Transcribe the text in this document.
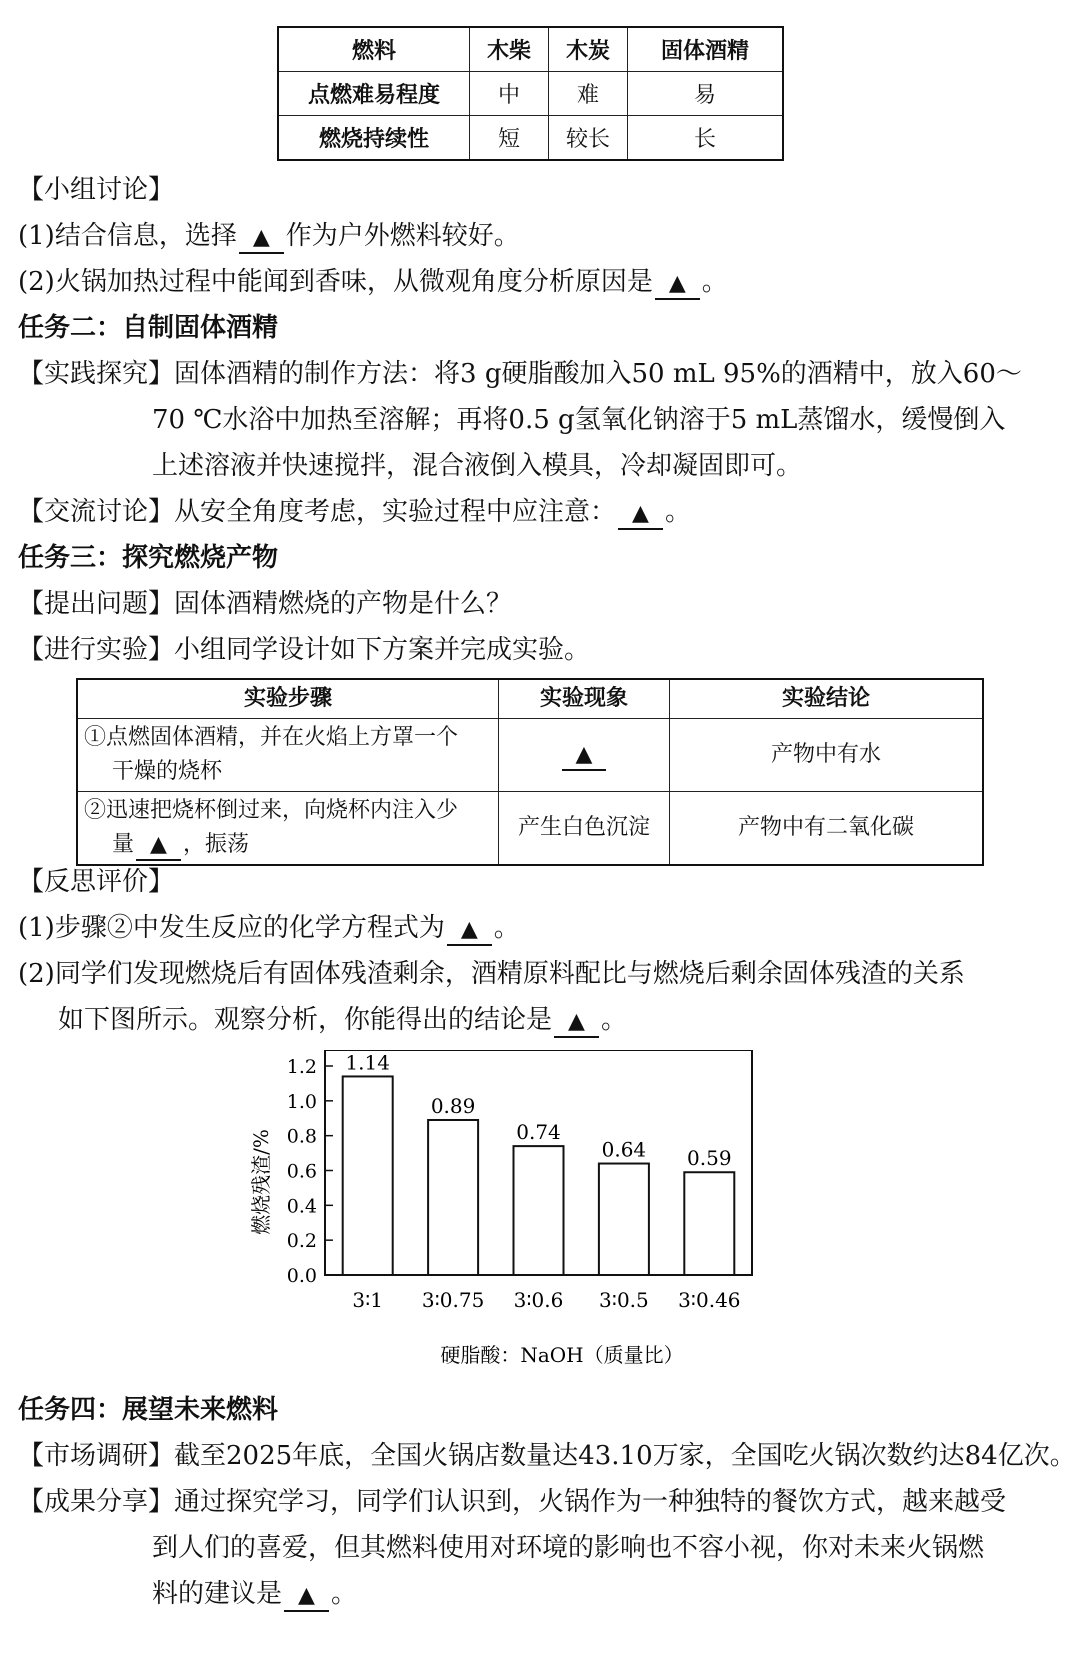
燃料	木柴	木炭	固体酒精
点燃难易程度	中	难	易
燃烧持续性	短	较长	长
【小组讨论】
(1)结合信息，选择 ▲ 作为户外燃料较好。
(2)火锅加热过程中能闻到香味，从微观角度分析原因是 ▲ 。
任务二：自制固体酒精
【实践探究】固体酒精的制作方法：将3 g硬脂酸加入50 mL 95%的酒精中，放入60～
70 ℃水浴中加热至溶解；再将0.5 g氢氧化钠溶于5 mL蒸馏水，缓慢倒入
上述溶液并快速搅拌，混合液倒入模具，冷却凝固即可。
【交流讨论】从安全角度考虑，实验过程中应注意： ▲ 。
任务三：探究燃烧产物
【提出问题】固体酒精燃烧的产物是什么？
【进行实验】小组同学设计如下方案并完成实验。
实验步骤	实验现象	实验结论

①点燃固体酒精，并在火焰上方罩一个
干燥的烧杯	▲	产物中有水

②迅速把烧杯倒过来，向烧杯内注入少
量 ▲ ，振荡	产生白色沉淀	产物中有二氧化碳
【反思评价】
(1)步骤②中发生反应的化学方程式为 ▲ 。
(2)同学们发现燃烧后有固体残渣剩余，酒精原料配比与燃烧后剩余固体残渣的关系
如下图所示。观察分析，你能得出的结论是 ▲ 。
燃烧残渣/%
硬脂酸：NaOH（质量比）
0.0
0.2
0.4
0.6
0.8
1.0
1.2 1.14
3∶1
0.89
3∶0.75
0.74
3∶0.6
0.64
3∶0.5
0.59
3∶0.46
任务四：展望未来燃料
【市场调研】截至2025年底，全国火锅店数量达43.10万家，全国吃火锅次数约达84亿次。
【成果分享】通过探究学习，同学们认识到，火锅作为一种独特的餐饮方式，越来越受
到人们的喜爱，但其燃料使用对环境的影响也不容小视，你对未来火锅燃
料的建议是 ▲ 。
